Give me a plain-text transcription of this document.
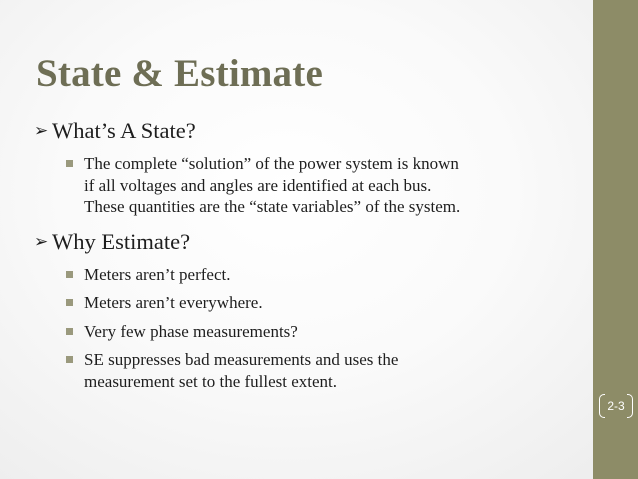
State & Estimate
➢ What’s A State?
The complete “solution” of the power system is known
if all voltages and angles are identified at each bus.
These quantities are the “state variables” of the system.
➢ Why Estimate?
Meters aren’t perfect.
Meters aren’t everywhere.
Very few phase measurements?
SE suppresses bad measurements and uses the
measurement set to the fullest extent.
2-3
